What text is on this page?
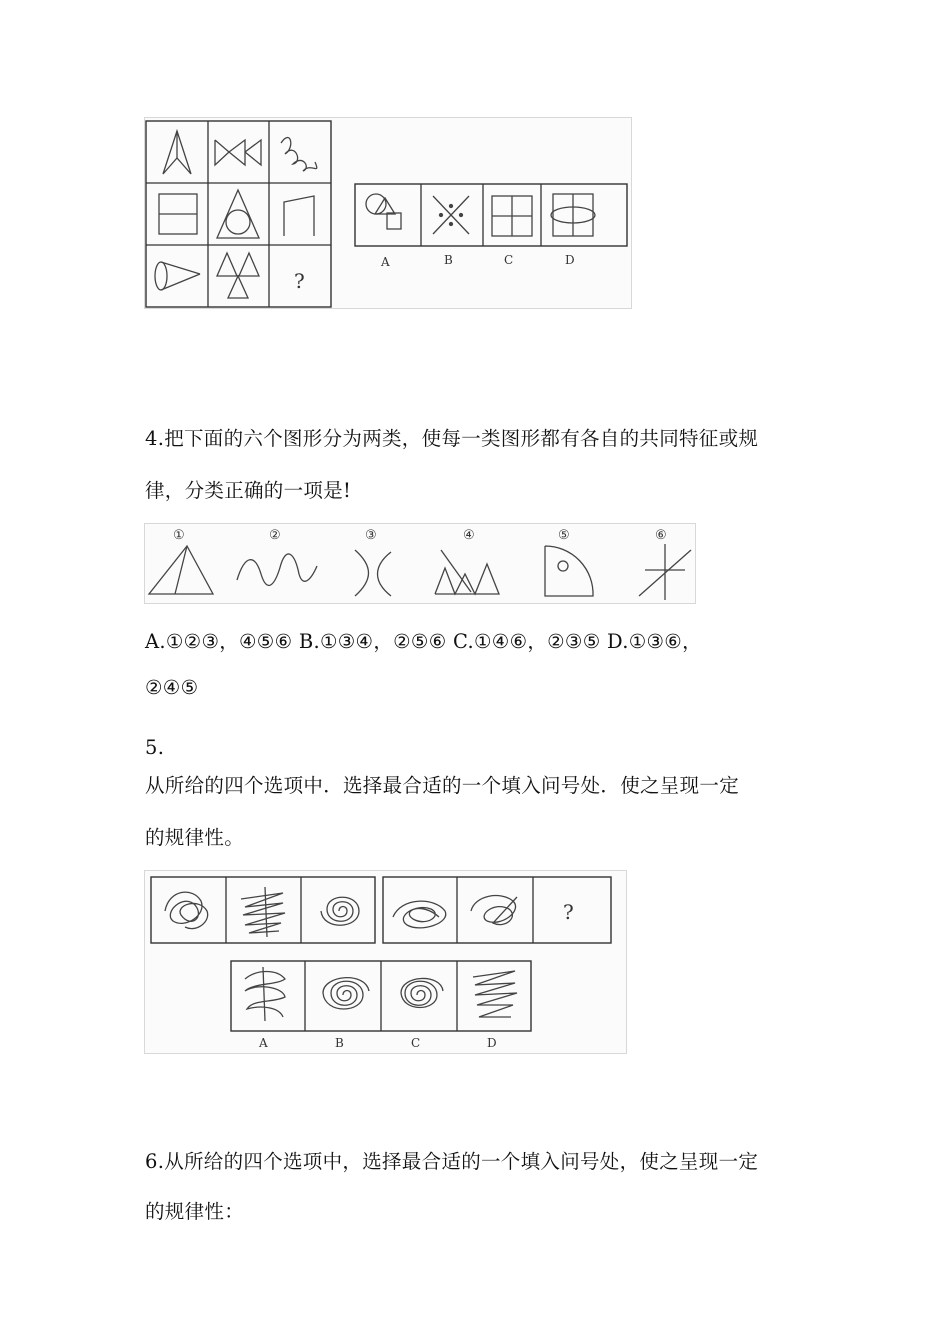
?
A	B	C	D
4.把下面的六个图形分为两类，使每一类图形都有各自的共同特征或规
律，分类正确的一项是!
①	②	③	④	⑤	⑥
A.①②③，④⑤⑥ B.①③④，②⑤⑥ C.①④⑥，②③⑤ D.①③⑥，
②④⑤
5.
从所给的四个选项中．选择最合适的一个填入问号处．使之呈现一定
的规律性。
?
A	B	C	D
6.从所给的四个选项中，选择最合适的一个填入问号处，使之呈现一定
的规律性：
